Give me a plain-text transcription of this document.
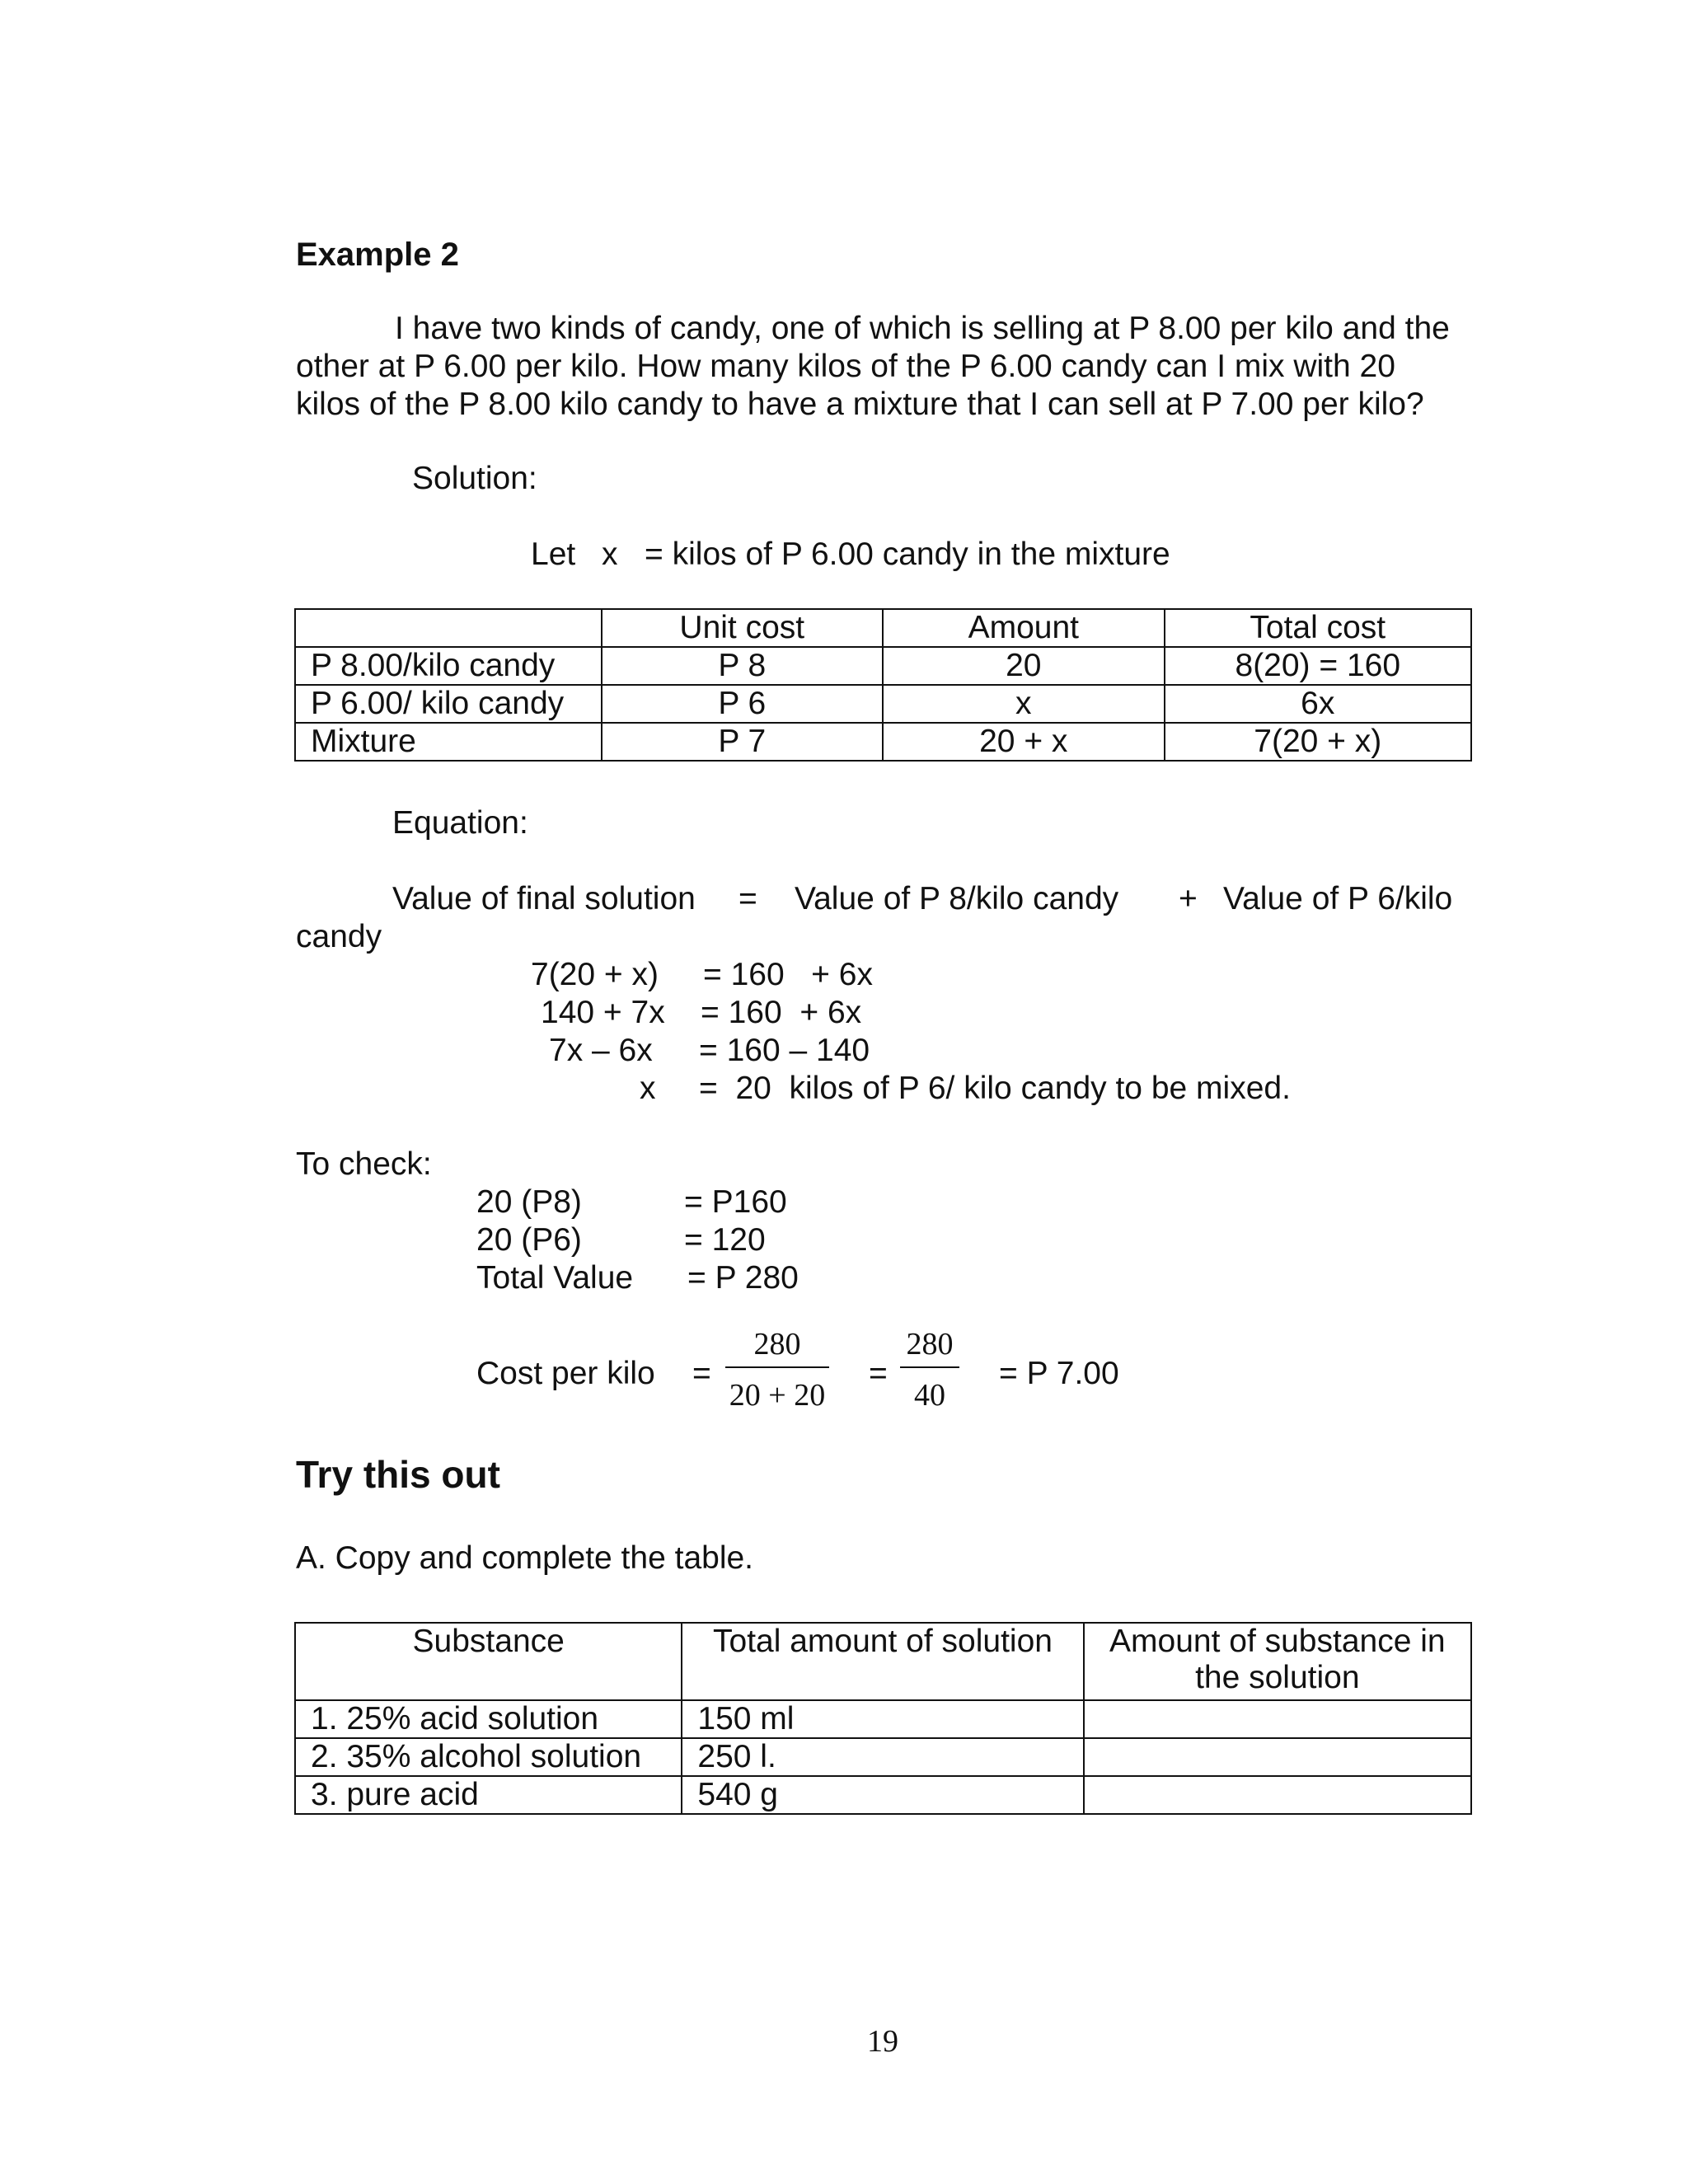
Example 2

I have two kinds of candy, one of which is selling at P 8.00 per kilo and the

other at P 6.00 per kilo. How many kilos of the P 6.00 candy can I mix with 20

kilos of the P 8.00 kilo candy to have a mixture that I can sell at P 7.00 per kilo?

Solution:
Let x = kilos of P 6.00 candy in the mixture
	Unit cost	Amount	Total cost
P 8.00/kilo candy	P 8	20	8(20) = 160
P 6.00/ kilo candy	P 6	x	6x
Mixture	P 7	20 + x	7(20 + x)
Equation:
Value of final solution = Value of P 8/kilo candy + Value of P 6/kilo
candy
7(20 + x) = 160   + 6x
140 + 7x = 160  + 6x
7x – 6x = 160 – 140
x =  20  kilos of P 6/ kilo candy to be mixed.
To check:
20 (P8)	= P160
20 (P6)	= 120
Total Value = P 280
Cost per kilo =
280
20 + 20
=
280
40
= P 7.00
Try this out
A. Copy and complete the table.
Substance	Total amount of solution	Amount of substance in the solution
1. 25% acid solution	150 ml	
2. 35% alcohol solution	250 l.	
3. pure acid	540 g	
19
